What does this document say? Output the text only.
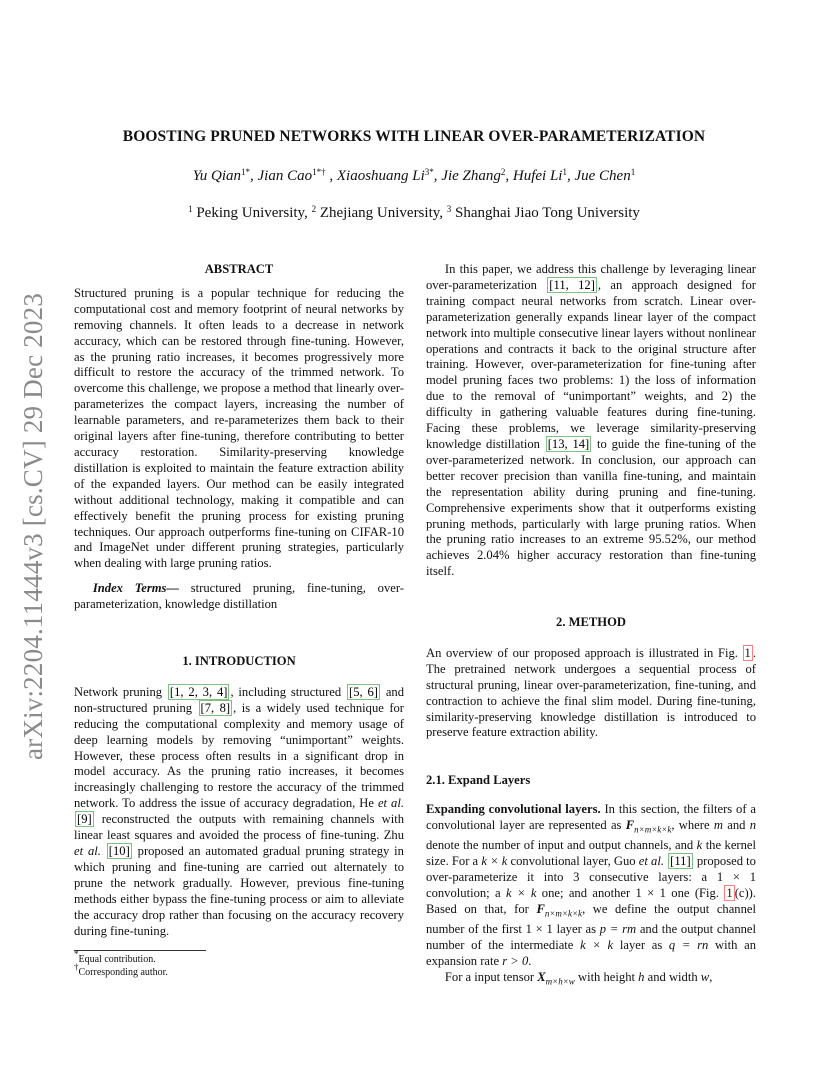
arXiv:2204.11444v3 [cs.CV] 29 Dec 2023
BOOSTING PRUNED NETWORKS WITH LINEAR OVER-PARAMETERIZATION
Yu Qian$^{1*}$, Jian Cao$^{1*\dagger}$ , Xiaoshuang $Li^{3*}$, Jie Zhang$^2$, Hufei Li$^1$, Jue Chen$^1$
$^1$ Peking University, $^2$ Zhejiang University, $^3$ Shanghai Jiao Tong University
ABSTRACT

Structured pruning is a popular technique for reducing the computational cost and memory footprint of neural networks by removing channels. It often leads to a decrease in network accuracy, which can be restored through fine-tuning. However, as the pruning ratio increases, it becomes progressively more difficult to restore the accuracy of the trimmed network. To overcome this challenge, we propose a method that linearly over-parameterizes the compact layers, increasing the number of learnable parameters, and re-parameterizes them back to their original layers after fine-tuning, therefore contributing to better accuracy restoration. Similarity-preserving knowledge distillation is exploited to maintain the feature extraction ability of the expanded layers. Our method can be easily integrated without additional technology, making it compatible and can effectively benefit the pruning process for existing pruning techniques. Our approach outperforms fine-tuning on CIFAR-10 and ImageNet under different pruning strategies, particularly when dealing with large pruning ratios.

Index Terms— structured pruning, fine-tuning, over-parameterization, knowledge distillation

1. INTRODUCTION

Network pruning [1, 2, 3, 4] , including structured [5, 6] and non-structured pruning [7, 8] , is a widely used technique for reducing the computational complexity and memory usage of deep learning models by removing “unimportant” weights. However, these process often results in a significant drop in model accuracy. As the pruning ratio increases, it becomes increasingly challenging to restore the accuracy of the trimmed network. To address the issue of accuracy degradation, He et al. [9] reconstructed the outputs with remaining channels with linear least squares and avoided the process of fine-tuning. Zhu et al. [10] proposed an automated gradual pruning strategy in which pruning and fine-tuning are carried out alternately to prune the network gradually. However, previous fine-tuning methods either bypass the fine-tuning process or aim to alleviate the accuracy drop rather than focusing on the accuracy recovery during fine-tuning.

*Equal contribution.
†Corresponding author.

In this paper, we address this challenge by leveraging linear over-parameterization [11, 12] , an approach designed for training compact neural networks from scratch. Linear over-parameterization generally expands linear layer of the compact network into multiple consecutive linear layers without nonlinear operations and contracts it back to the original structure after training. However, over-parameterization for fine-tuning after model pruning faces two problems: 1) the loss of information due to the removal of “unimportant” weights, and 2) the difficulty in gathering valuable features during fine-tuning. Facing these problems, we leverage similarity-preserving knowledge distillation [13, 14] to guide the fine-tuning of the over-parameterized network. In conclusion, our approach can better recover precision than vanilla fine-tuning, and maintain the representation ability during pruning and fine-tuning. Comprehensive experiments show that it outperforms existing pruning methods, particularly with large pruning ratios. When the pruning ratio increases to an extreme 95.52%, our method achieves 2.04% higher accuracy restoration than fine-tuning itself.

2. METHOD

An overview of our proposed approach is illustrated in Fig. 1 . The pretrained network undergoes a sequential process of structural pruning, linear over-parameterization, fine-tuning, and contraction to achieve the final slim model. During fine-tuning, similarity-preserving knowledge distillation is introduced to preserve feature extraction ability.

2.1. Expand Layers

Expanding convolutional layers. In this section, the filters of a convolutional layer are represented as $F_{n\times m\times k\times k}$, where m and n denote the number of input and output channels, and k the kernel size. For a k × k convolutional layer, Guo et al. [11] proposed to over-parameterize it into 3 consecutive layers: a 1 × 1 convolution; a k × k one; and another 1 × 1 one (Fig. 1 (c)). Based on that, for $F_{n\times m\times k\times k}$, we define the output channel number of the first 1 × 1 layer as p = rm and the output channel number of the intermediate k × k layer as q = rn with an expansion rate r > 0.

For a input tensor $X_{m\times h\times w}$ with height h and width w,
